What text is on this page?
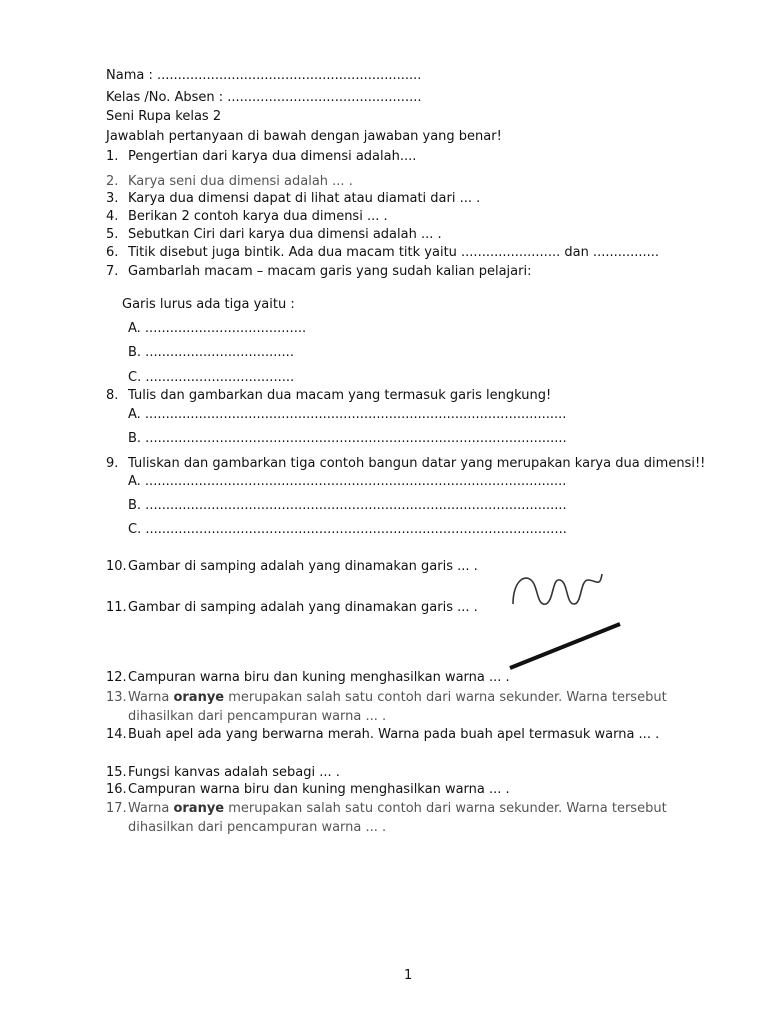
Nama : ................................................................
Kelas /No. Absen : ...............................................
Seni Rupa kelas 2
Jawablah pertanyaan di bawah dengan jawaban yang benar!
1. Pengertian dari karya dua dimensi adalah....
2. Karya seni dua dimensi adalah ... .
3. Karya dua dimensi dapat di lihat atau diamati dari ... .
4. Berikan 2 contoh karya dua dimensi ... .
5. Sebutkan Ciri dari karya dua dimensi adalah ... .
6. Titik disebut juga bintik. Ada dua macam titk yaitu ........................ dan ................
7. Gambarlah macam – macam garis yang sudah kalian pelajari:
Garis lurus ada tiga yaitu :
A. .......................................
B. ....................................
C. ....................................
8. Tulis dan gambarkan dua macam yang termasuk garis lengkung!
A. ......................................................................................................
B. ......................................................................................................
9. Tuliskan dan gambarkan tiga contoh bangun datar yang merupakan karya dua dimensi!!
A. ......................................................................................................
B. ......................................................................................................
C. ......................................................................................................
10.Gambar di samping adalah yang dinamakan garis ... .
11.Gambar di samping adalah yang dinamakan garis ... .
12.Campuran warna biru dan kuning menghasilkan warna ... .
13.Warna oranye merupakan salah satu contoh dari warna sekunder. Warna tersebut
dihasilkan dari pencampuran warna ... .
14.Buah apel ada yang berwarna merah. Warna pada buah apel termasuk warna ... .
15.Fungsi kanvas adalah sebagi ... .
16.Campuran warna biru dan kuning menghasilkan warna ... .
17.Warna oranye merupakan salah satu contoh dari warna sekunder. Warna tersebut
dihasilkan dari pencampuran warna ... .
1
